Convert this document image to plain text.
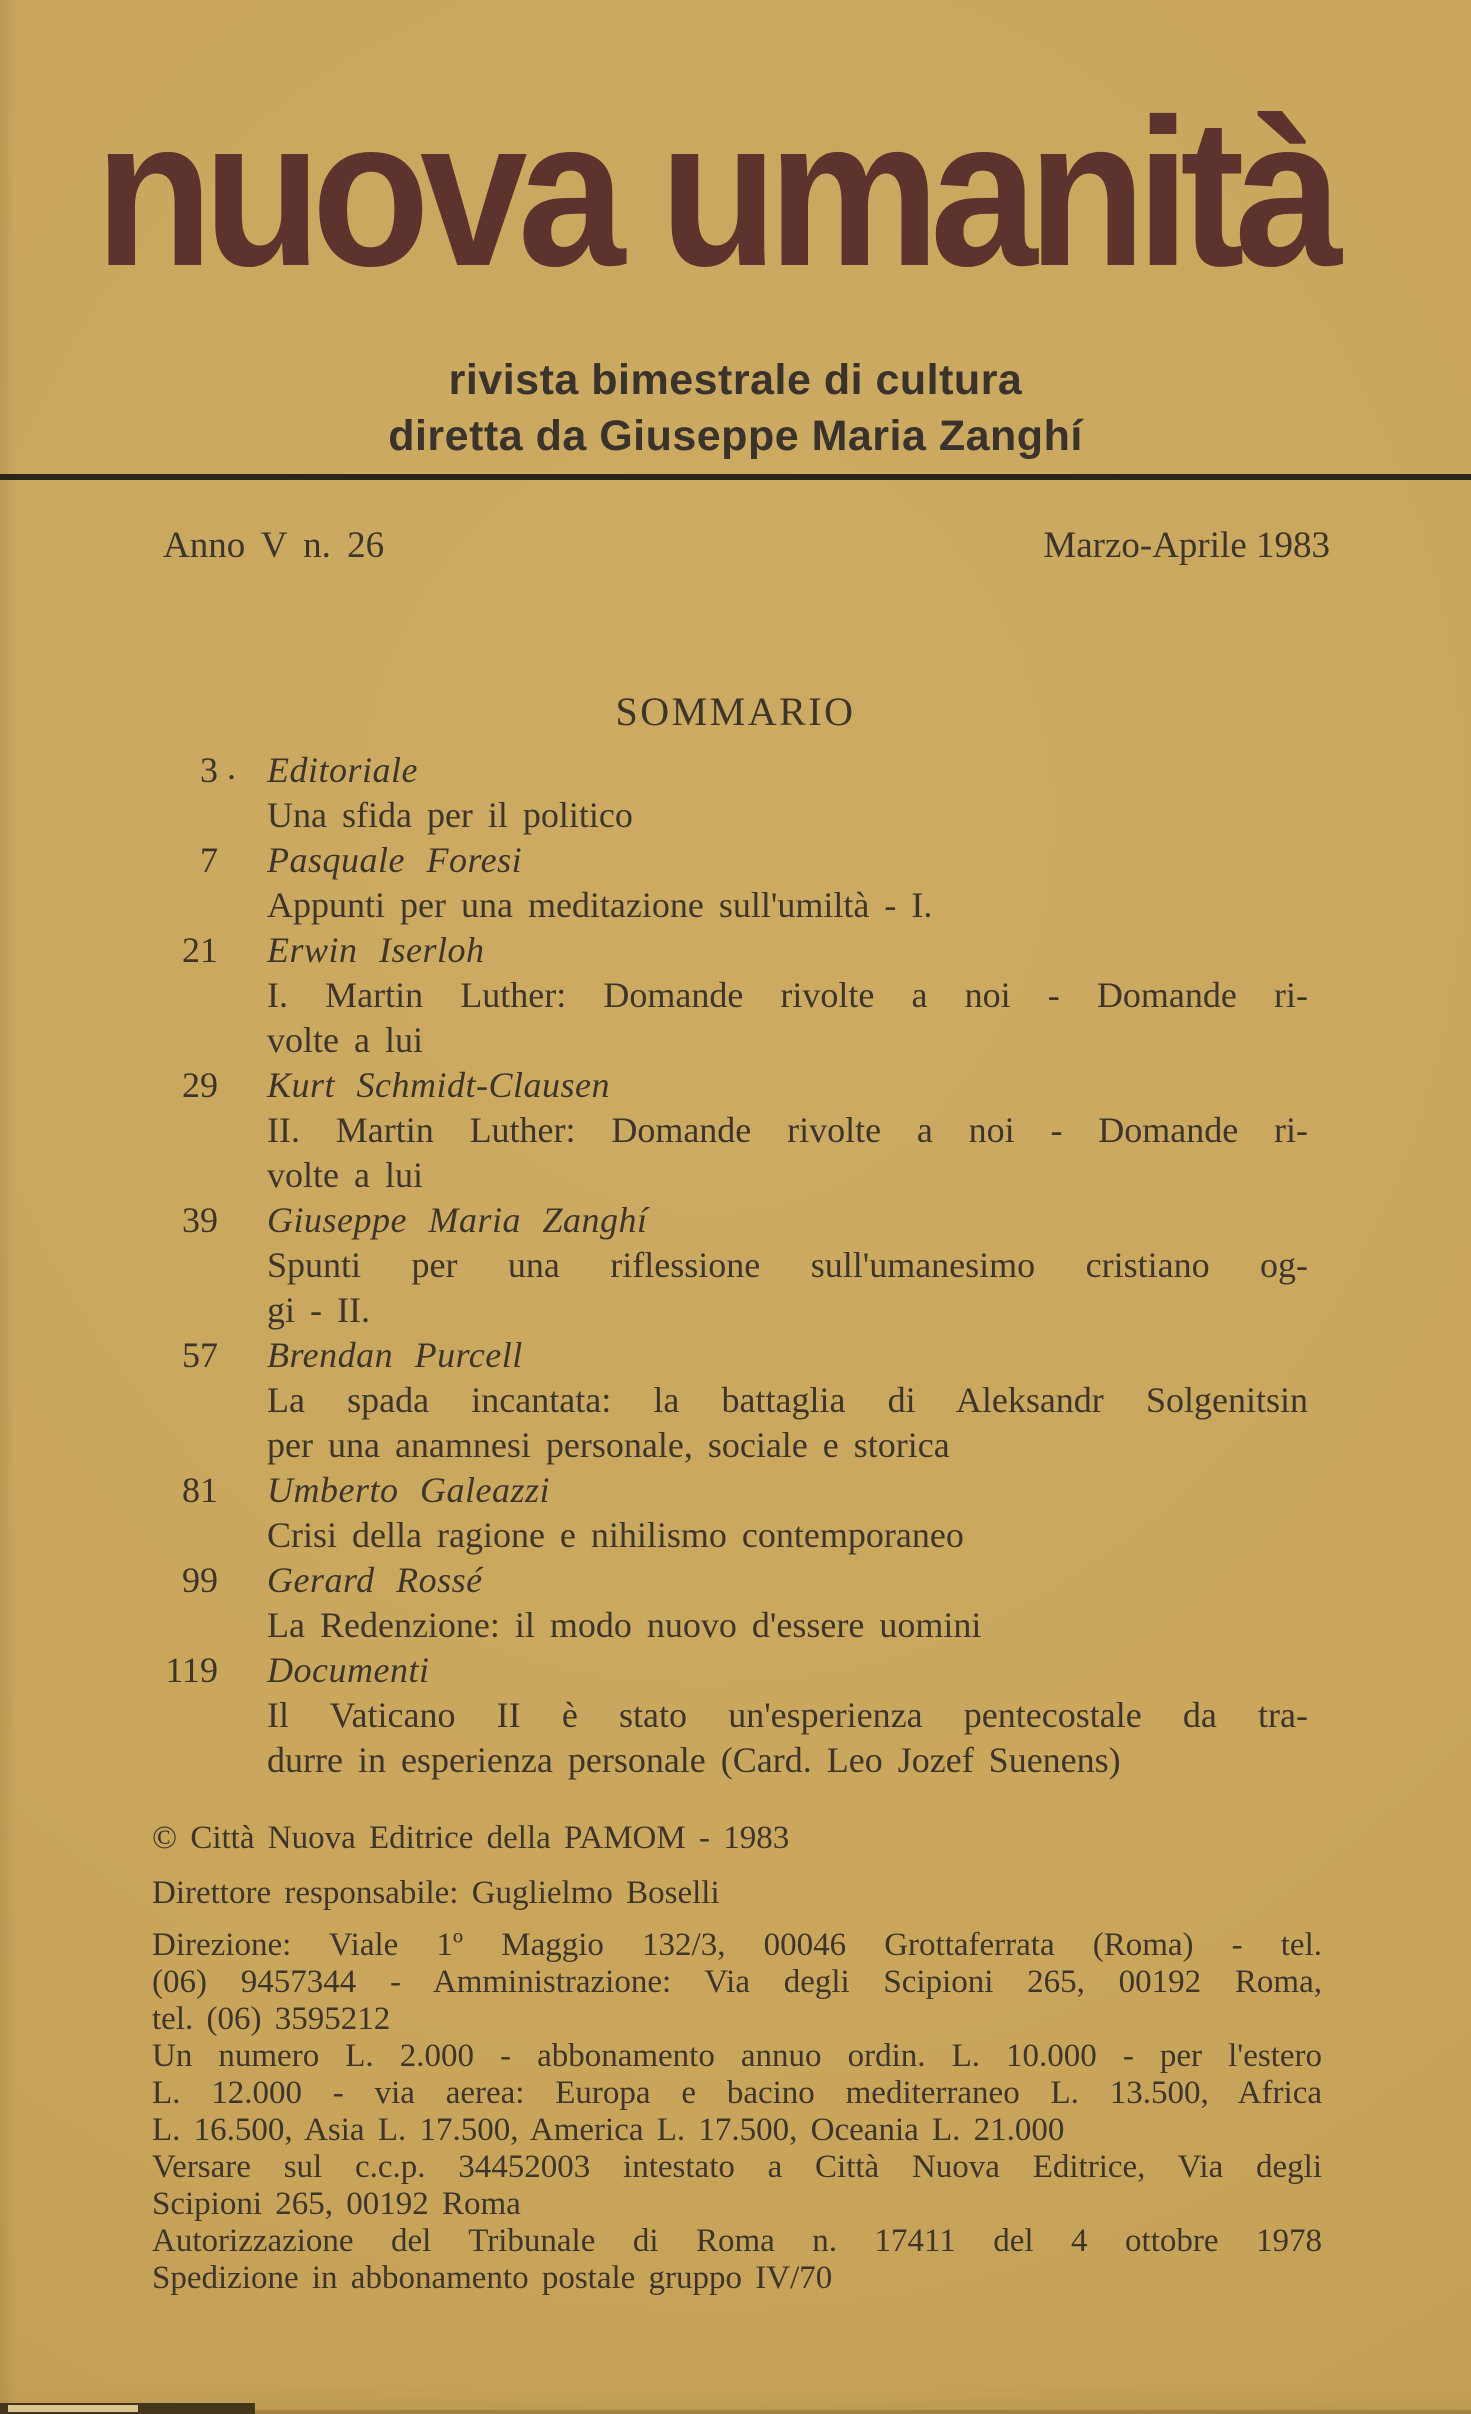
nuova umanità
rivista bimestrale di cultura
diretta da Giuseppe Maria Zanghí
Anno V n. 26	Marzo-Aprile 1983
SOMMARIO
3 . Editoriale
Una sfida per il politico
7 Pasquale Foresi
Appunti per una meditazione sull'umiltà - I.
21 Erwin Iserloh
I. Martin Luther: Domande rivolte a noi - Domande ri-
volte a lui
29 Kurt Schmidt-Clausen
II. Martin Luther: Domande rivolte a noi - Domande ri-
volte a lui
39 Giuseppe Maria Zanghí
Spunti per una riflessione sull'umanesimo cristiano og-
gi - II.
57 Brendan Purcell
La spada incantata: la battaglia di Aleksandr Solgenitsin
per una anamnesi personale, sociale e storica
81 Umberto Galeazzi
Crisi della ragione e nihilismo contemporaneo
99 Gerard Rossé
La Redenzione: il modo nuovo d'essere uomini
119 Documenti
Il Vaticano II è stato un'esperienza pentecostale da tra-
durre in esperienza personale (Card. Leo Jozef Suenens)
© Città Nuova Editrice della PAMOM - 1983
Direttore responsabile: Guglielmo Boselli
Direzione: Viale 1º Maggio 132/3, 00046 Grottaferrata (Roma) - tel.
(06) 9457344 - Amministrazione: Via degli Scipioni 265, 00192 Roma,
tel. (06) 3595212
Un numero L. 2.000 - abbonamento annuo ordin. L. 10.000 - per l'estero
L. 12.000 - via aerea: Europa e bacino mediterraneo L. 13.500, Africa
L. 16.500, Asia L. 17.500, America L. 17.500, Oceania L. 21.000
Versare sul c.c.p. 34452003 intestato a Città Nuova Editrice, Via degli
Scipioni 265, 00192 Roma
Autorizzazione del Tribunale di Roma n. 17411 del 4 ottobre 1978
Spedizione in abbonamento postale gruppo IV/70
